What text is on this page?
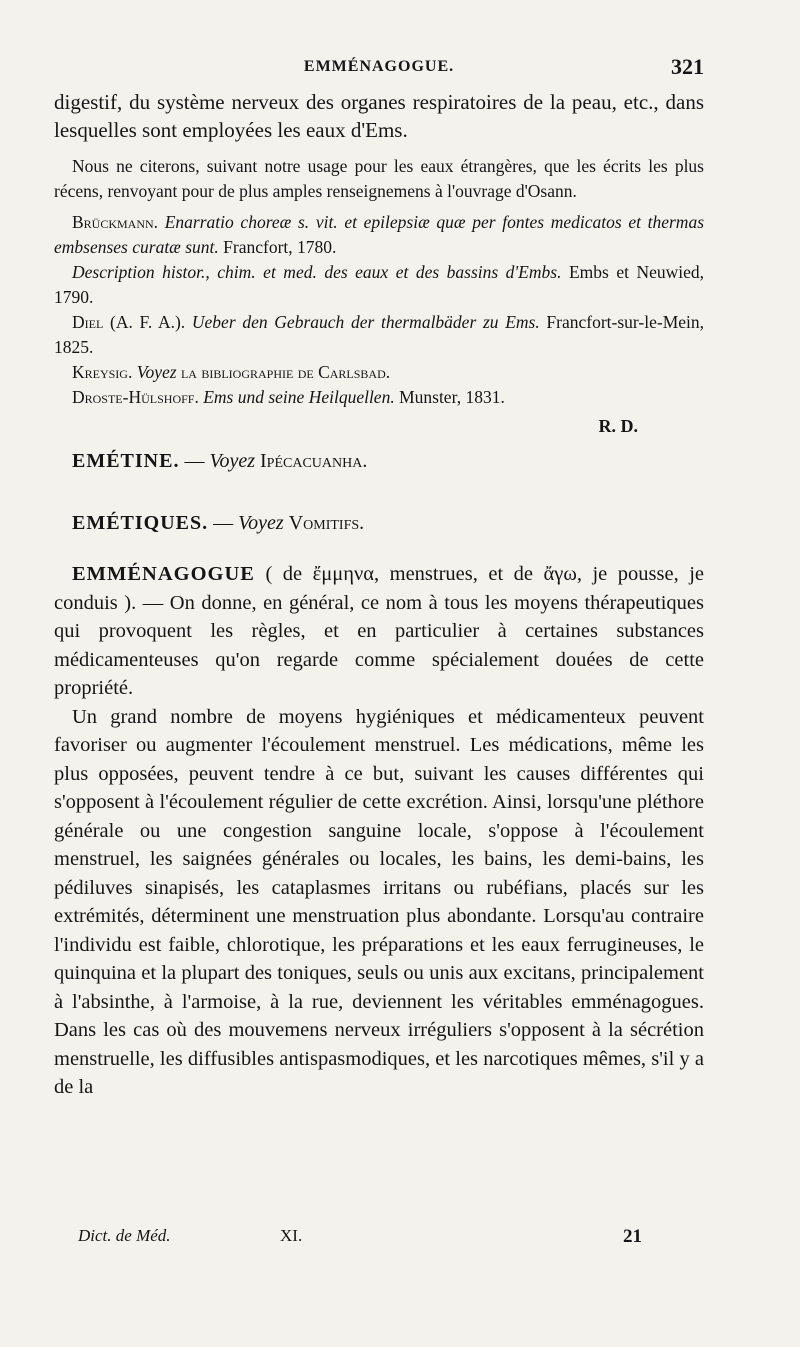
EMMÉNAGOGUE.	321

digestif, du système nerveux des organes respiratoires de la peau, etc., dans lesquelles sont employées les eaux d'Ems.

Nous ne citerons, suivant notre usage pour les eaux étrangères, que les écrits les plus récens, renvoyant pour de plus amples renseignemens à l'ouvrage d'Osann.

Brückmann. Enarratio choreæ s. vit. et epilepsiæ quæ per fontes medicatos et thermas embsenses curatæ sunt. Francfort, 1780.

Description histor., chim. et med. des eaux et des bassins d'Embs. Embs et Neuwied, 1790.

Diel (A. F. A.). Ueber den Gebrauch der thermalbäder zu Ems. Francfort-sur-le-Mein, 1825.

Kreysig. Voyez la bibliographie de Carlsbad.

Droste-Hülshoff. Ems und seine Heilquellen. Munster, 1831.

R. D.

EMÉTINE. — Voyez Ipécacuanha.

EMÉTIQUES. — Voyez Vomitifs.

EMMÉNAGOGUE ( de ἔμμηνα, menstrues, et de ἄγω, je pousse, je conduis ). — On donne, en général, ce nom à tous les moyens thérapeutiques qui provoquent les règles, et en particulier à certaines substances médicamenteuses qu'on regarde comme spécialement douées de cette propriété.

Un grand nombre de moyens hygiéniques et médicamenteux peuvent favoriser ou augmenter l'écoulement menstruel. Les médications, même les plus opposées, peuvent tendre à ce but, suivant les causes différentes qui s'opposent à l'écoulement régulier de cette excrétion. Ainsi, lorsqu'une pléthore générale ou une congestion sanguine locale, s'oppose à l'écoulement menstruel, les saignées générales ou locales, les bains, les demi-bains, les pédiluves sinapisés, les cataplasmes irritans ou rubéfians, placés sur les extrémités, déterminent une menstruation plus abondante. Lorsqu'au contraire l'individu est faible, chlorotique, les préparations et les eaux ferrugineuses, le quinquina et la plupart des toniques, seuls ou unis aux excitans, principalement à l'absinthe, à l'armoise, à la rue, deviennent les véritables emménagogues. Dans les cas où des mouvemens nerveux irréguliers s'opposent à la sécrétion menstruelle, les diffusibles antispasmodiques, et les narcotiques mêmes, s'il y a de la

Dict. de Méd.	XI.	21
